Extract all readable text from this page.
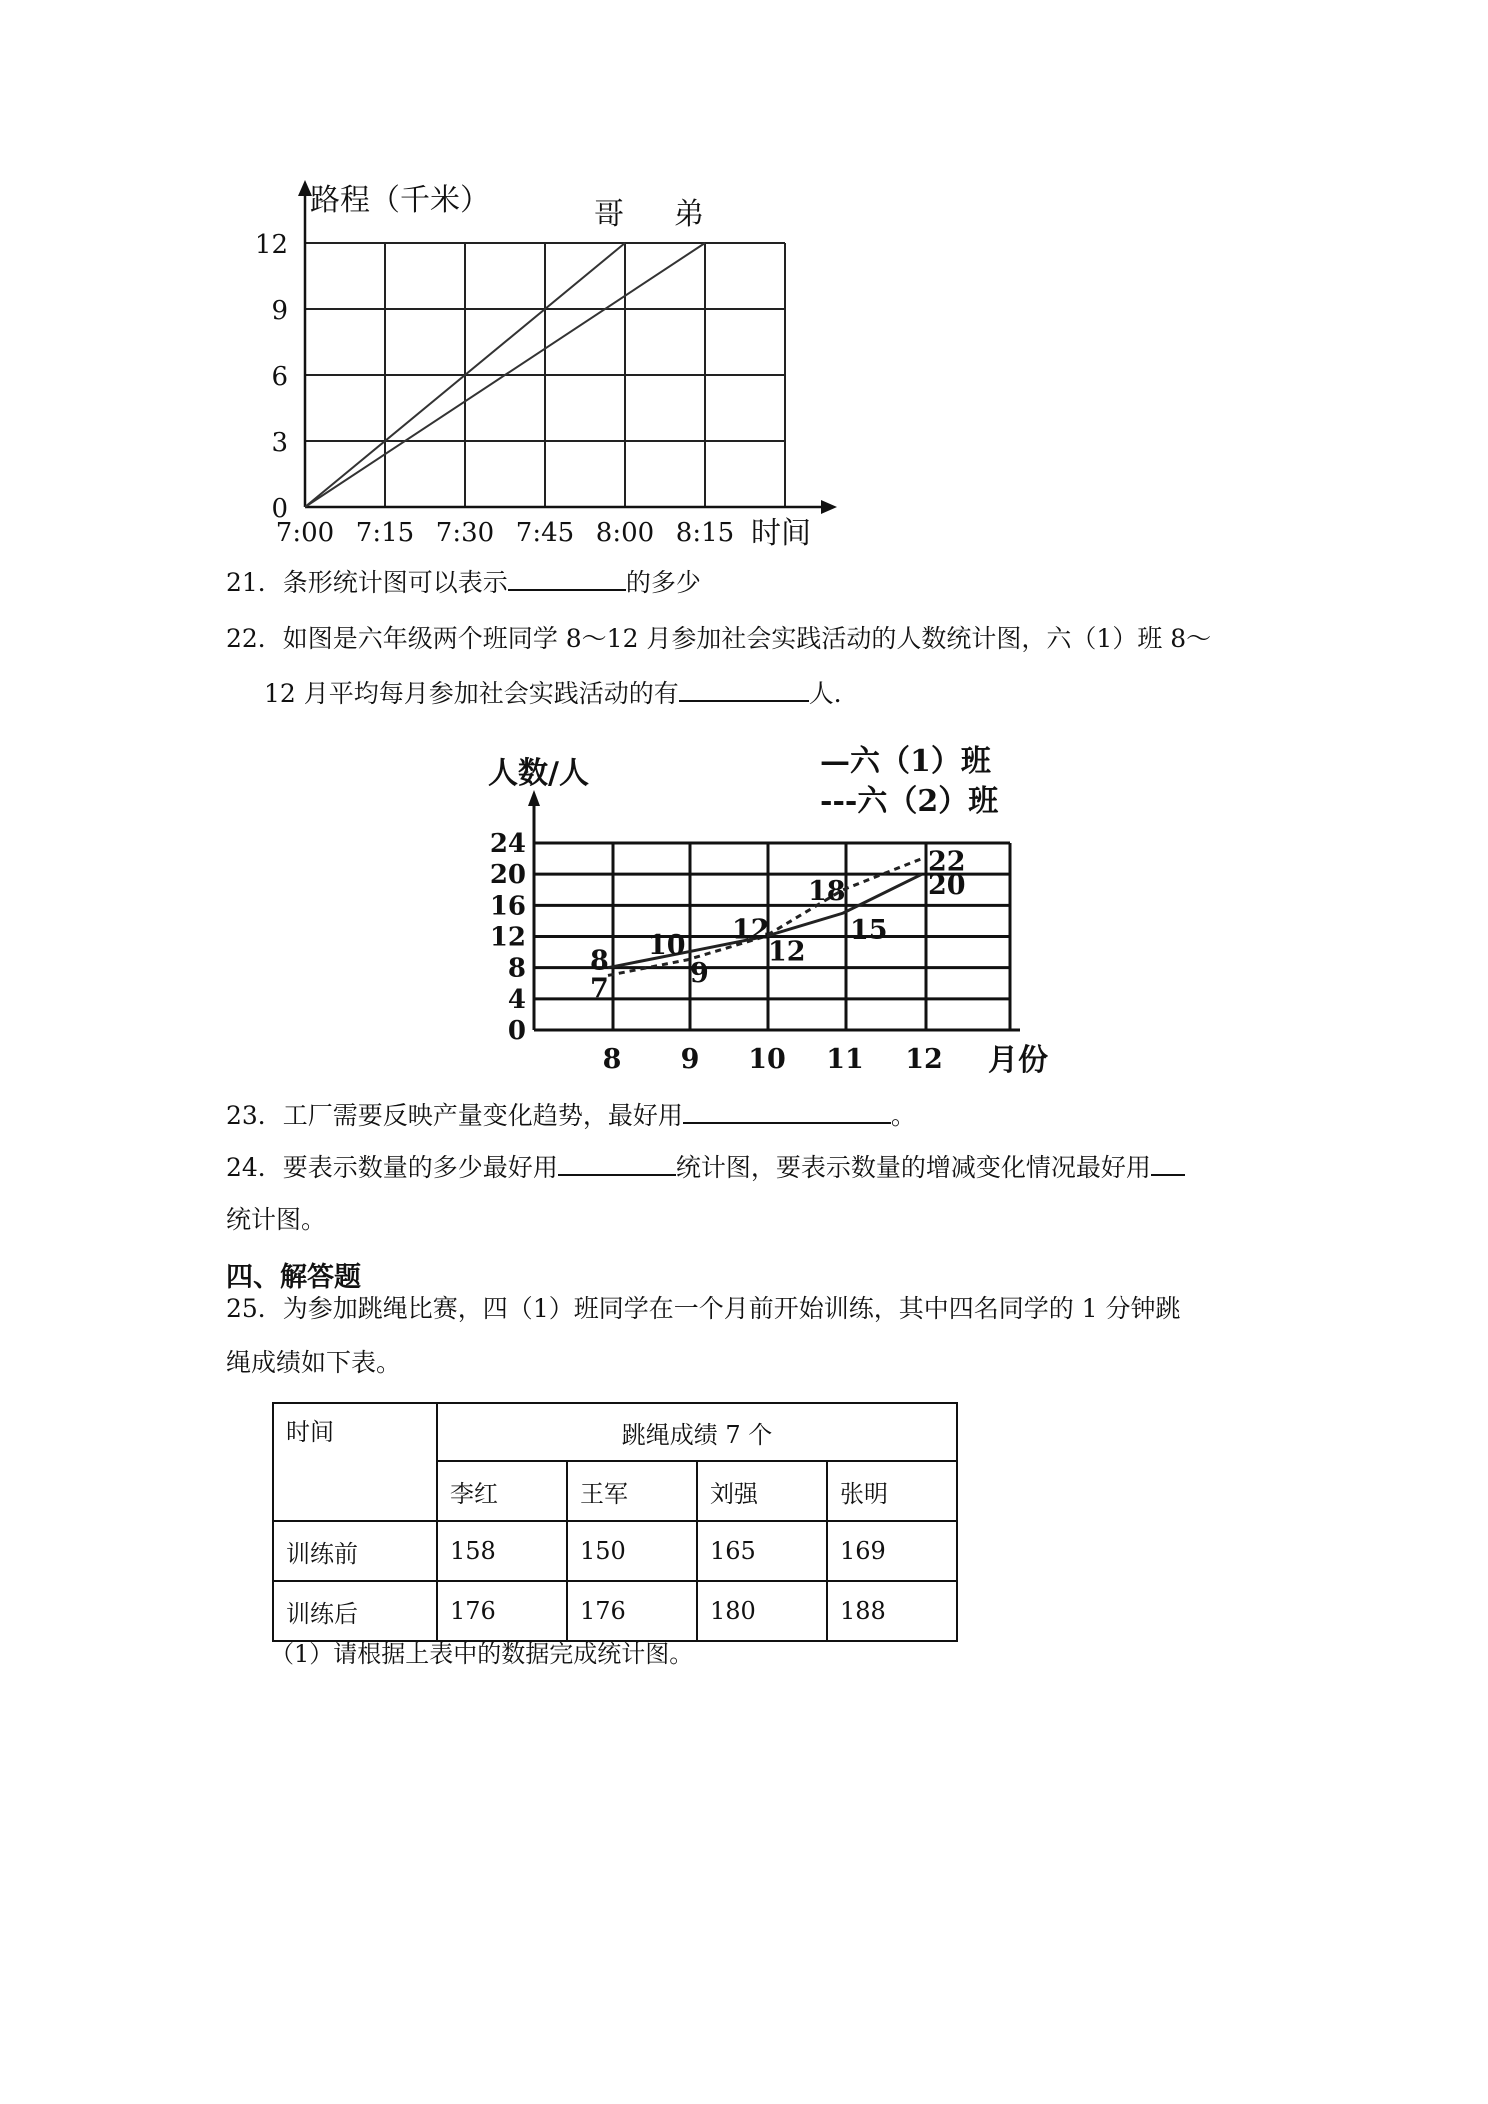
哥 弟
0
3
6
9
12
7:00 7:15 7:30 7:45 8:00 8:15
路程（千米）
时间
21．条形统计图可以表示	的多少
22．如图是六年级两个班同学 8～12 月参加社会实践活动的人数统计图，六（1）班 8～
12 月平均每月参加社会实践活动的有	人．
8
7
10
9
12
12
18
15
22
20
0
4
8
12
16
20
24
8 9 10 11 12
人数/人
月份
—六（1）班
---六（2）班
23．工厂需要反映产量变化趋势，最好用	。
24．要表示数量的多少最好用	统计图，要表示数量的增减变化情况最好用
统计图。
四、解答题
25．为参加跳绳比赛，四（1）班同学在一个月前开始训练，其中四名同学的 1 分钟跳
绳成绩如下表。
时间	跳绳成绩 7 个			
	李红	王军	刘强	张明
训练前	158	150	165	169
训练后	176	176	180	188
（1）请根据上表中的数据完成统计图。
